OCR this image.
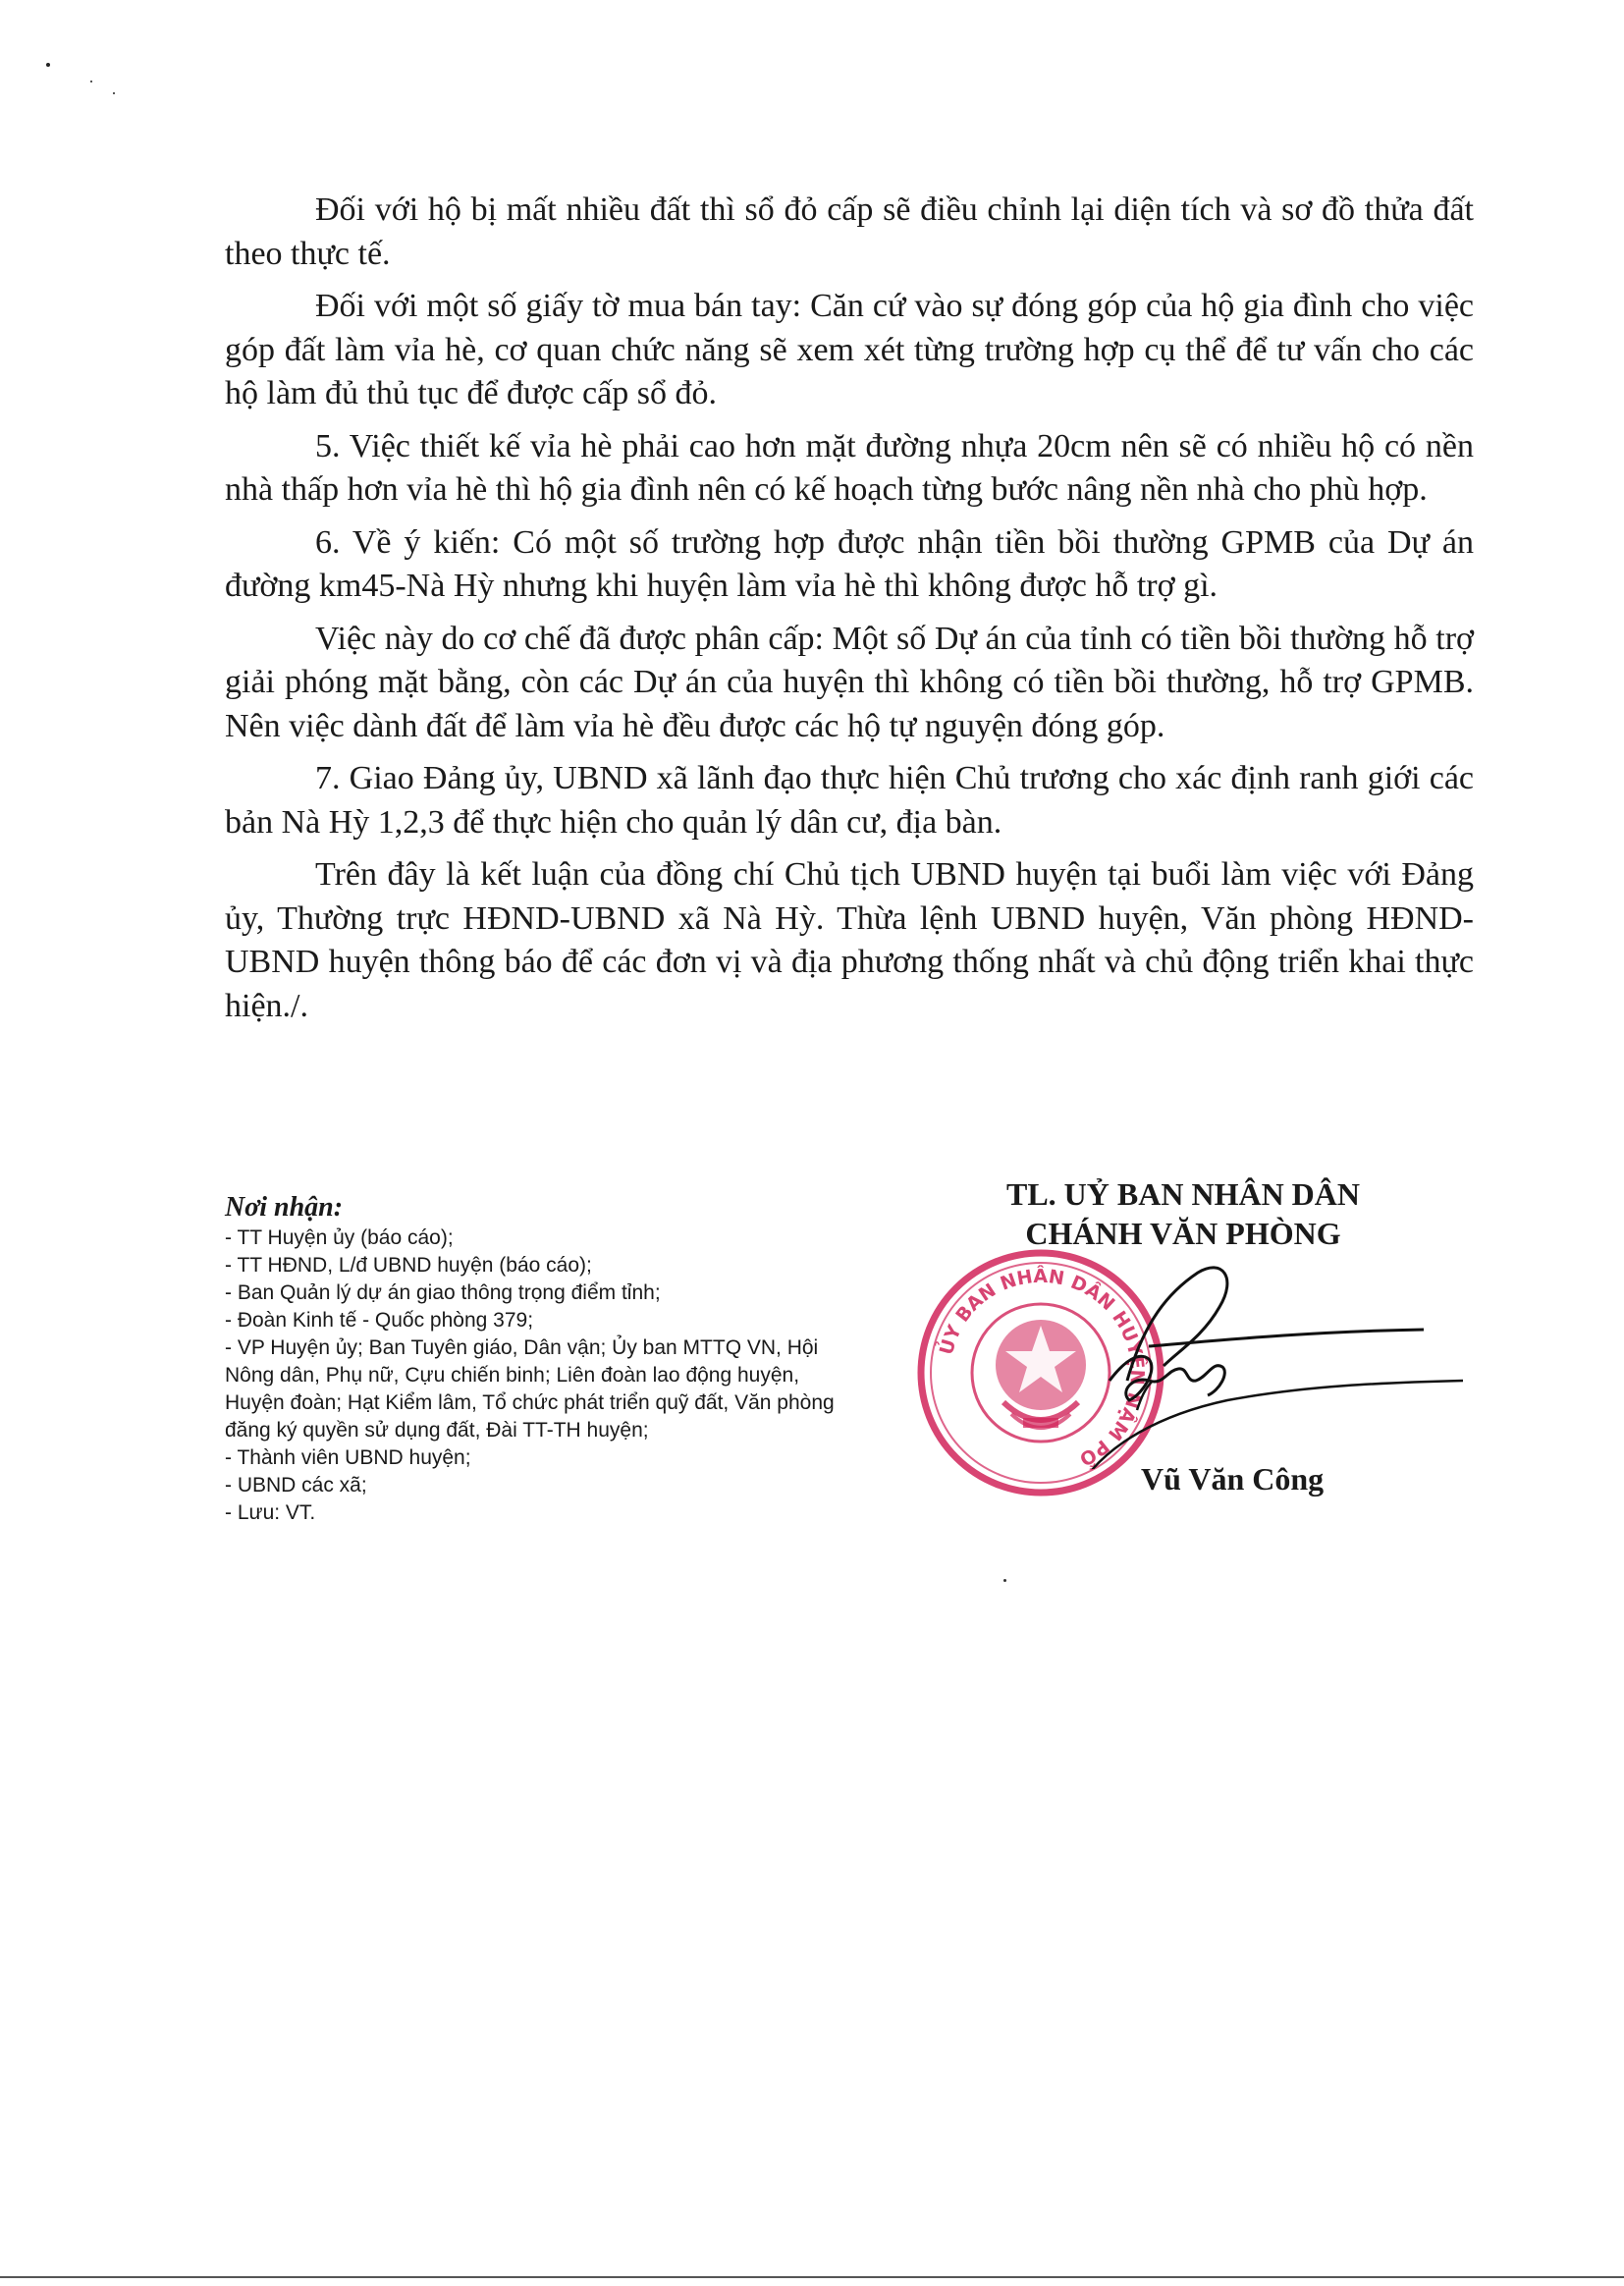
Đối với hộ bị mất nhiều đất thì sổ đỏ cấp sẽ điều chỉnh lại diện tích và sơ đồ thửa đất theo thực tế.

Đối với một số giấy tờ mua bán tay: Căn cứ vào sự đóng góp của hộ gia đình cho việc góp đất làm vỉa hè, cơ quan chức năng sẽ xem xét từng trường hợp cụ thể để tư vấn cho các hộ làm đủ thủ tục để được cấp sổ đỏ.

5. Việc thiết kế vỉa hè phải cao hơn mặt đường nhựa 20cm nên sẽ có nhiều hộ có nền nhà thấp hơn vỉa hè thì hộ gia đình nên có kế hoạch từng bước nâng nền nhà cho phù hợp.

6. Về ý kiến: Có một số trường hợp được nhận tiền bồi thường GPMB của Dự án đường km45-Nà Hỳ nhưng khi huyện làm vỉa hè thì không được hỗ trợ gì.

Việc này do cơ chế đã được phân cấp: Một số Dự án của tỉnh có tiền bồi thường hỗ trợ giải phóng mặt bằng, còn các Dự án của huyện thì không có tiền bồi thường, hỗ trợ GPMB. Nên việc dành đất để làm vỉa hè đều được các hộ tự nguyện đóng góp.

7. Giao Đảng ủy, UBND xã lãnh đạo thực hiện Chủ trương cho xác định ranh giới các bản Nà Hỳ 1,2,3 để thực hiện cho quản lý dân cư, địa bàn.

Trên đây là kết luận của đồng chí Chủ tịch UBND huyện tại buổi làm việc với Đảng ủy, Thường trực HĐND-UBND xã Nà Hỳ. Thừa lệnh UBND huyện, Văn phòng HĐND-UBND huyện thông báo để các đơn vị và địa phương thống nhất và chủ động triển khai thực hiện./.

Nơi nhận:
- TT Huyện ủy (báo cáo);
- TT HĐND, L/đ UBND huyện (báo cáo);
- Ban Quản lý dự án giao thông trọng điểm tỉnh;
- Đoàn Kinh tế - Quốc phòng 379;
- VP Huyện ủy; Ban Tuyên giáo, Dân vận; Ủy ban MTTQ VN, Hội Nông dân, Phụ nữ, Cựu chiến binh; Liên đoàn lao động huyện, Huyện đoàn; Hạt Kiểm lâm, Tổ chức phát triển quỹ đất, Văn phòng đăng ký quyền sử dụng đất, Đài TT-TH huyện;
- Thành viên UBND huyện;
- UBND các xã;
- Lưu: VT.
TL. UỶ BAN NHÂN DÂN
CHÁNH VĂN PHÒNG
ỦY BAN NHÂN DÂN HUYỆN NẬM PỒ
Vũ Văn Công
